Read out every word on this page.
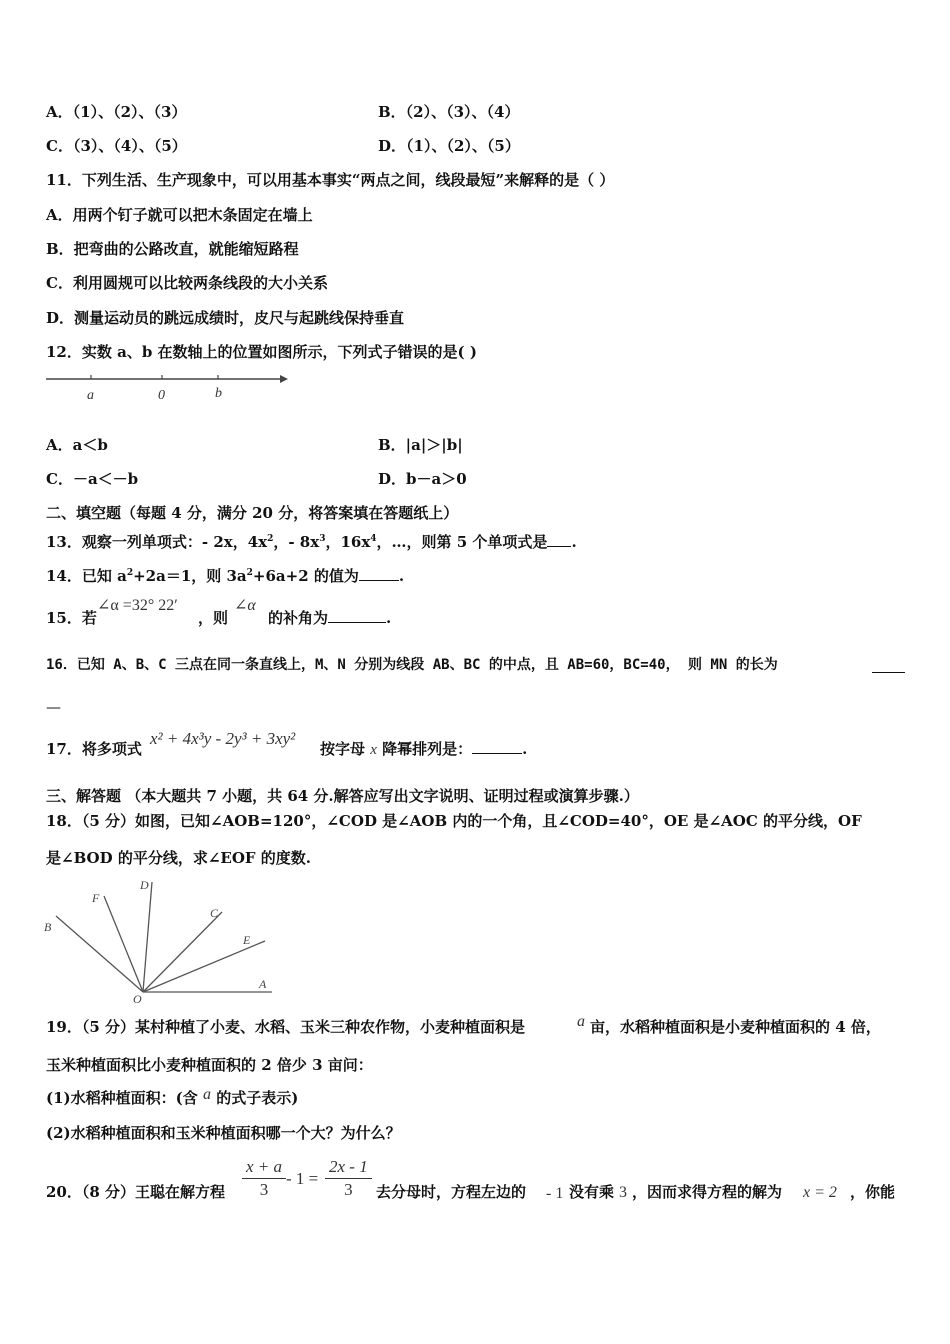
A．（1）、（2）、（3）	B．（2）、（3）、（4）
C．（3）、（4）、（5）	D．（1）、（2）、（5）
11．下列生活、生产现象中，可以用基本事实“两点之间，线段最短”来解释的是（ ）
A．用两个钉子就可以把木条固定在墙上
B．把弯曲的公路改直，就能缩短路程
C．利用圆规可以比较两条线段的大小关系
D．测量运动员的跳远成绩时，皮尺与起跳线保持垂直
12．实数 a、b 在数轴上的位置如图所示，下列式子错误的是( )
a	0	b
A．a＜b	B．|a|＞|b|
C．－a＜－b	D．b－a＞0
二、填空题（每题 4 分，满分 20 分，将答案填在答题纸上）
13．观察一列单项式：- 2x，$4x^2$，- $8x^3$，$16x^4$，…，则第 5 个单项式是 .
14．已知 $a^2+2a=1$，则 $3a^2+6a+2$ 的值为	.
15．若
∠α =32° 22′
，则
∠α
的补角为	.
16．已知 A、B、C 三点在同一条直线上，M、N 分别为线段 AB、BC 的中点，且 AB=60，BC=40， 则 MN 的长为
—
17．将多项式
x² + 4x³y - 2y³ + 3xy²
按字母 x 降幂排列是：	.
三、解答题 （本大题共 7 小题，共 64 分.解答应写出文字说明、证明过程或演算步骤.）
18．（5 分）如图，已知∠AOB=120°，∠COD 是∠AOB 内的一个角，且∠COD=40°，OE 是∠AOC 的平分线，OF
是∠BOD 的平分线，求∠EOF 的度数.
D
F
C
B
E
A
O
19．（5 分）某村种植了小麦、水稻、玉米三种农作物，小麦种植面积是	a 亩，水稻种植面积是小麦种植面积的 4 倍，
玉米种植面积比小麦种植面积的 2 倍少 3 亩问：
(1)水稻种植面积：(含 a 的式子表示)
(2)水稻种植面积和玉米种植面积哪一个大？为什么？
20．（8 分）王聪在解方程 $\frac{x + a}{3} - 1 = \frac{2x - 1}{3}$ 去分母时，方程左边的 - 1 没有乘 3 ，因而求得方程的解为 x = 2 ，你能
